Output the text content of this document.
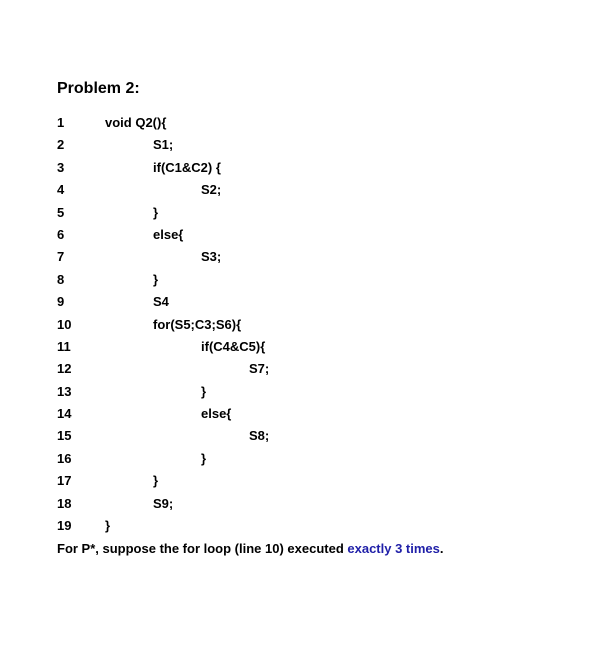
Problem 2:
1	void Q2(){
2	S1;
3	if(C1&C2) {
4	S2;
5	}
6	else{
7	S3;
8	}
9	S4
10	for(S5;C3;S6){
11	if(C4&C5){
12	S7;
13	}
14	else{
15	S8;
16	}
17	}
18	S9;
19	}
For P*, suppose the for loop (line 10) executed exactly 3 times.
